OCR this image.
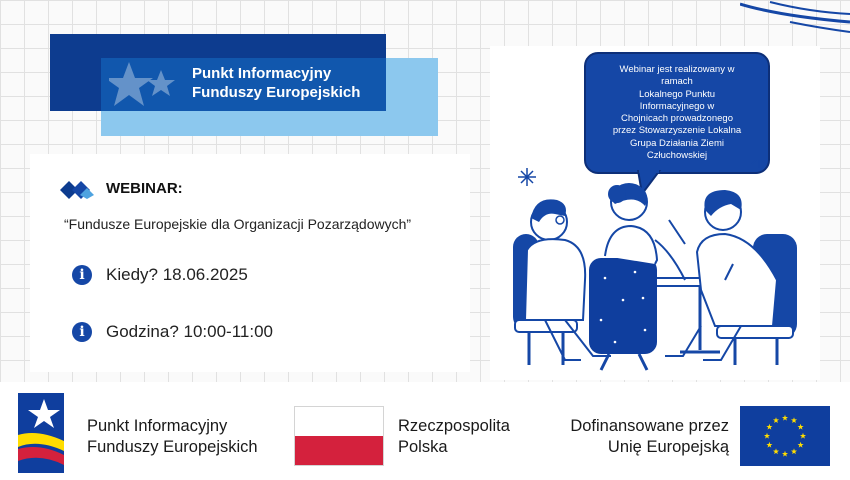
Punkt Informacyjny
Funduszy Europejskich
WEBINAR:
“Fundusze Europejskie dla Organizacji Pozarządowych”
i	Kiedy? 18.06.2025
i	Godzina? 10:00-11:00
Webinar jest realizowany w
ramach
Lokalnego Punktu
Informacyjnego w
Chojnicach prowadzonego
przez Stowarzyszenie Lokalna
Grupa Działania Ziemi
Człuchowskiej
Punkt Informacyjny
Funduszy Europejskich
Rzeczpospolita
Polska
Dofinansowane przez
Unię Europejską
